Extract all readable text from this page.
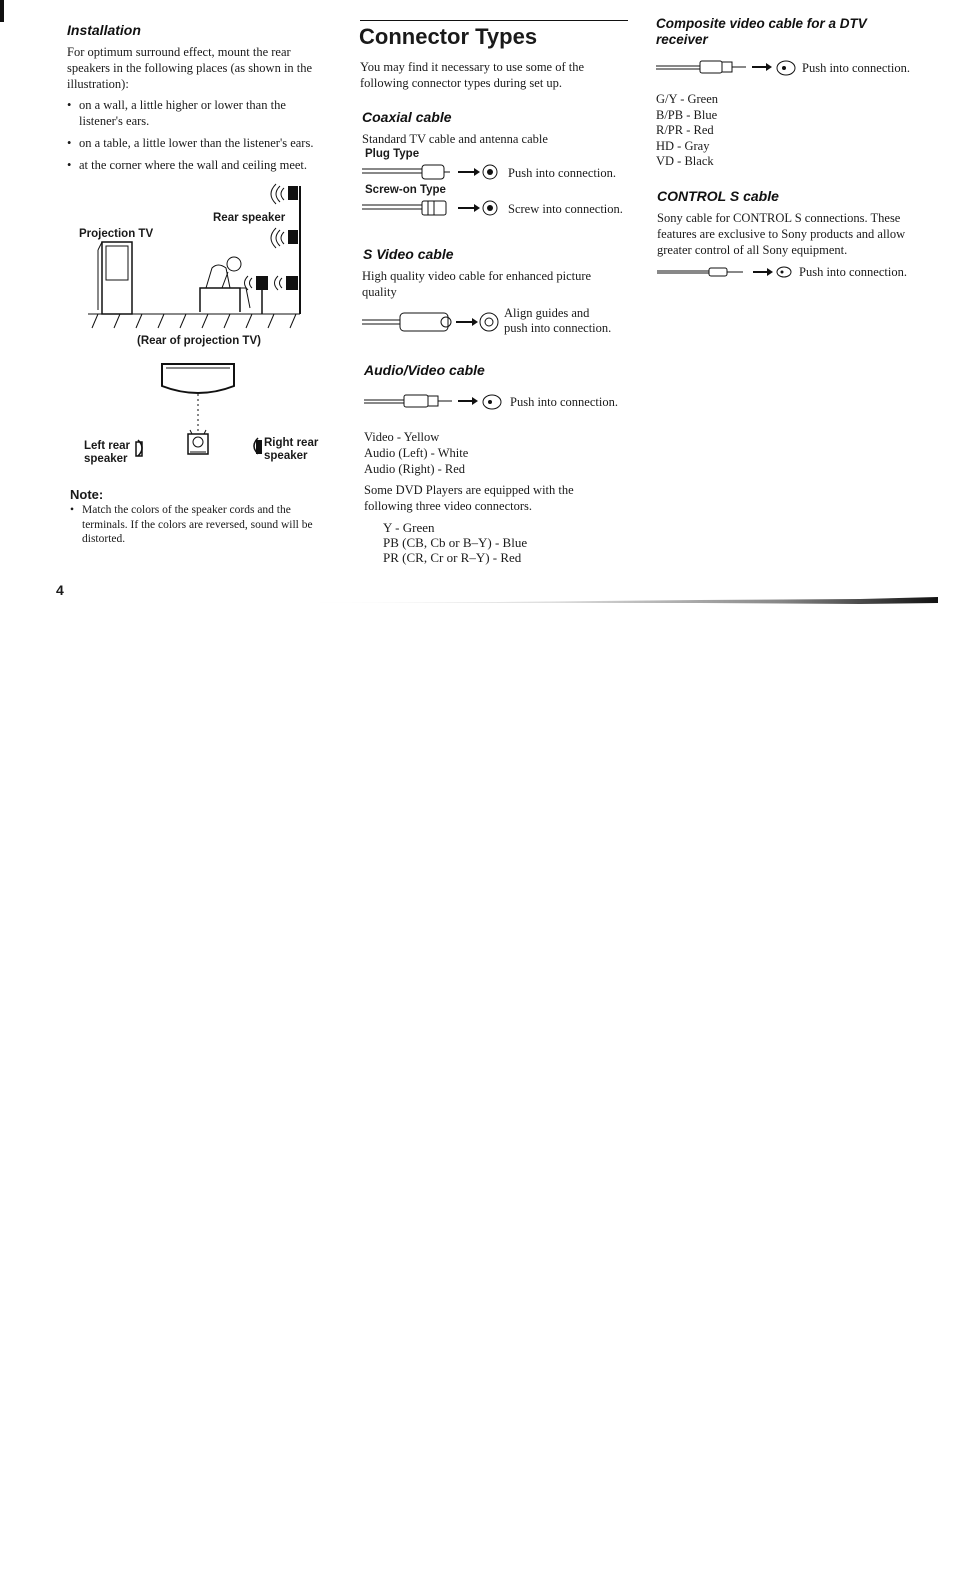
Installation
For optimum surround effect, mount the rear speakers in the following places (as shown in the illustration):
• on a wall, a little higher or lower than the listener's ears.
• on a table, a little lower than the listener's ears.
• at the corner where the wall and ceiling meet.
Projection TV
Rear speaker
(Rear of projection TV)
Left rear
speaker
Right rear
speaker
Note:
• Match the colors of the speaker cords and the terminals. If the colors are reversed, sound will be distorted.
4
Connector Types
You may find it necessary to use some of the following connector types during set up.
Coaxial cable
Standard TV cable and antenna cable
Plug Type
Push into connection.
Screw-on Type
Screw into connection.
S Video cable
High quality video cable for enhanced picture quality
Align guides and
push into connection.
Audio/Video cable
Push into connection.
Video - Yellow
Audio (Left) - White
Audio (Right) - Red
Some DVD Players are equipped with the following three video connectors.
Y - Green
PB (CB, Cb or B–Y) - Blue
PR (CR, Cr or R–Y) - Red
Composite video cable for a DTV
receiver
Push into connection.
G/Y - Green
B/PB - Blue
R/PR - Red
HD - Gray
VD - Black
CONTROL S cable
Sony cable for CONTROL S connections. These features are exclusive to Sony products and allow greater control of all Sony equipment.
Push into connection.
